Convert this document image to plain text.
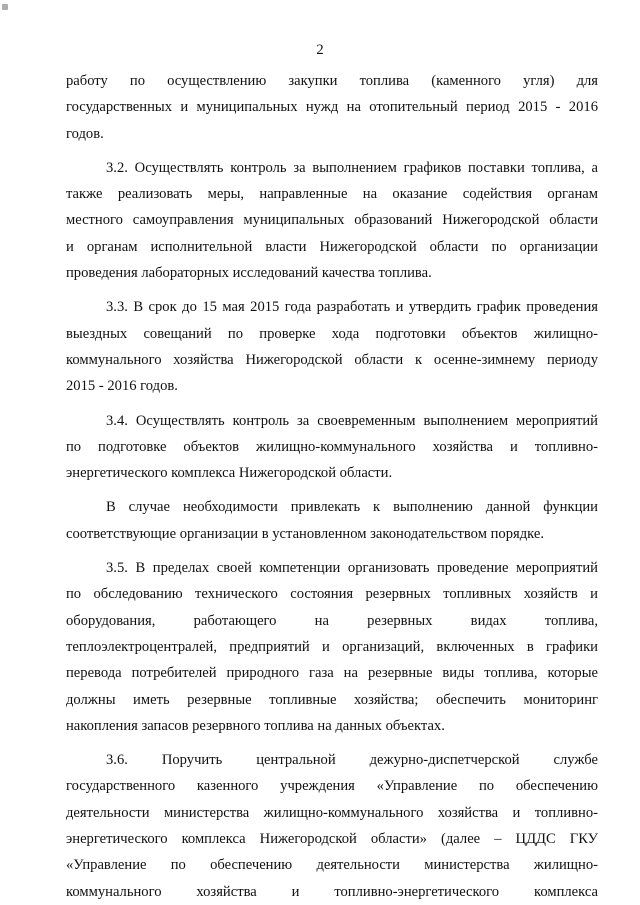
2
работу по осуществлению закупки топлива (каменного угля) для
государственных и муниципальных нужд на отопительный период 2015 - 2016
годов.
3.2. Осуществлять контроль за выполнением графиков поставки топлива, а
также реализовать меры, направленные на оказание содействия органам
местного самоуправления муниципальных образований Нижегородской области
и органам исполнительной власти Нижегородской области по организации
проведения лабораторных исследований качества топлива.
3.3. В срок до 15 мая 2015 года разработать и утвердить график проведения
выездных совещаний по проверке хода подготовки объектов жилищно-
коммунального хозяйства Нижегородской области к осенне-зимнему периоду
2015 - 2016 годов.
3.4. Осуществлять контроль за своевременным выполнением мероприятий
по подготовке объектов жилищно-коммунального хозяйства и топливно-
энергетического комплекса Нижегородской области.
В случае необходимости привлекать к выполнению данной функции
соответствующие организации в установленном законодательством порядке.
3.5. В пределах своей компетенции организовать проведение мероприятий
по обследованию технического состояния резервных топливных хозяйств и
оборудования, работающего на резервных видах топлива,
теплоэлектроцентралей, предприятий и организаций, включенных в графики
перевода потребителей природного газа на резервные виды топлива, которые
должны иметь резервные топливные хозяйства; обеспечить мониторинг
накопления запасов резервного топлива на данных объектах.
3.6. Поручить центральной дежурно-диспетчерской службе
государственного казенного учреждения «Управление по обеспечению
деятельности министерства жилищно-коммунального хозяйства и топливно-
энергетического комплекса Нижегородской области» (далее – ЦДДС ГКУ
«Управление по обеспечению деятельности министерства жилищно-
коммунального хозяйства и топливно-энергетического комплекса
